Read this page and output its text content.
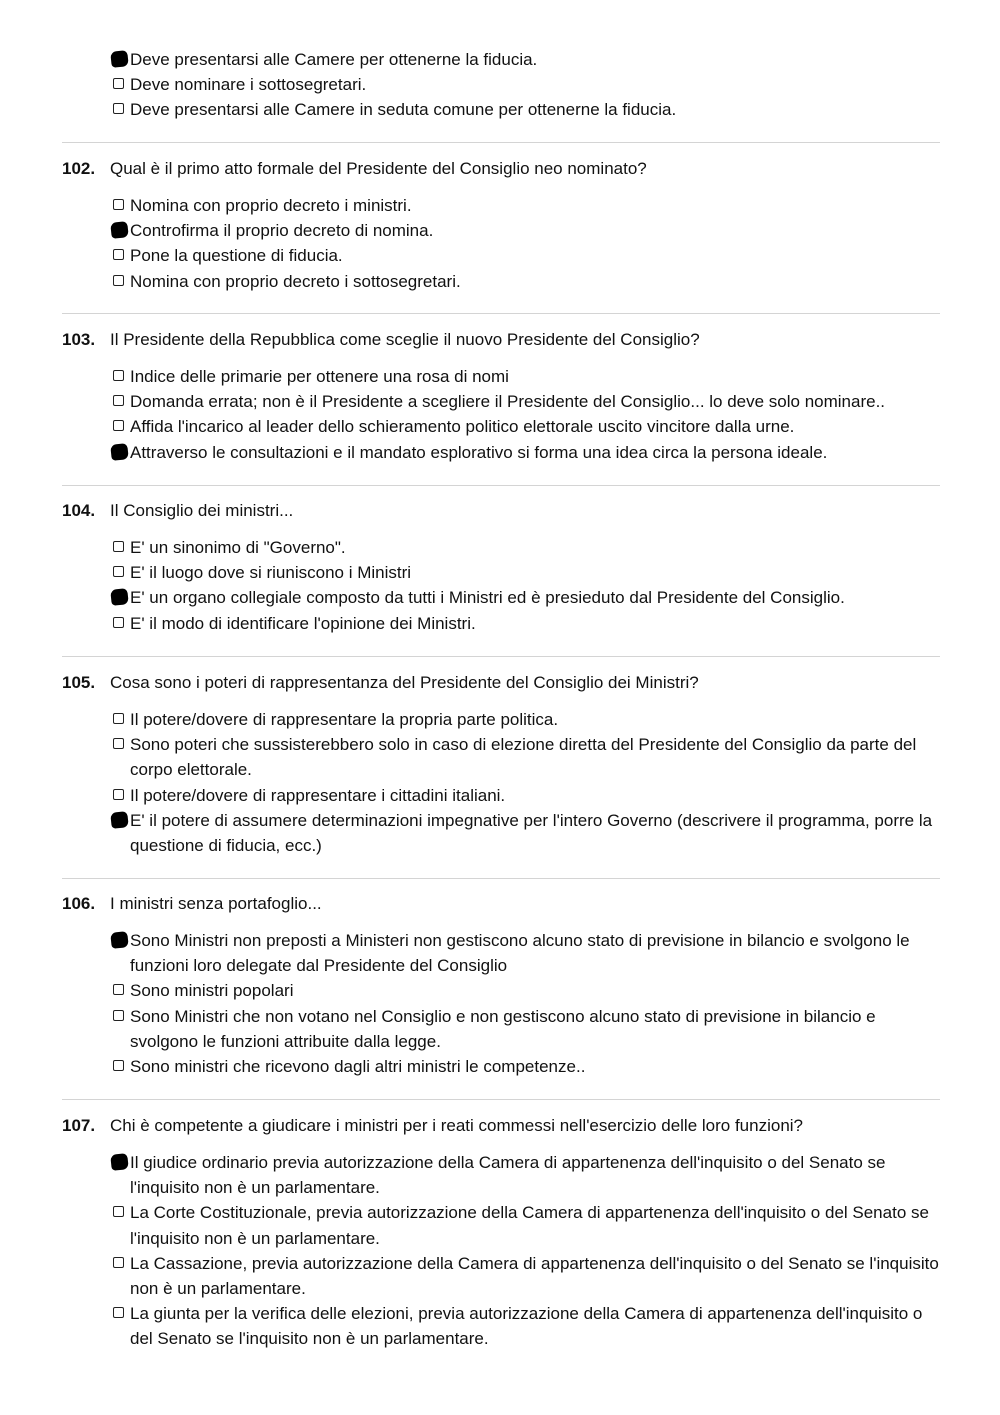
Deve presentarsi alle Camere per ottenerne la fiducia.
Deve nominare i sottosegretari.
Deve presentarsi alle Camere in seduta comune per ottenerne la fiducia.
102. Qual è il primo atto formale del Presidente del Consiglio neo nominato?
Nomina con proprio decreto i ministri.
Controfirma il proprio decreto di nomina.
Pone la questione di fiducia.
Nomina con proprio decreto i sottosegretari.
103. Il Presidente della Repubblica come sceglie il nuovo Presidente del Consiglio?
Indice delle primarie per ottenere una rosa di nomi
Domanda errata; non è il Presidente a scegliere il Presidente del Consiglio... lo deve solo nominare..
Affida l'incarico al leader dello schieramento politico elettorale uscito vincitore dalla urne.
Attraverso le consultazioni e il mandato esplorativo si forma una idea circa la persona ideale.
104. Il Consiglio dei ministri...
E' un sinonimo di "Governo".
E' il luogo dove si riuniscono i Ministri
E' un organo collegiale composto da tutti i Ministri ed è presieduto dal Presidente del Consiglio.
E' il modo di identificare l'opinione dei Ministri.
105. Cosa sono i poteri di rappresentanza del Presidente del Consiglio dei Ministri?
Il potere/dovere di rappresentare la propria parte politica.
Sono poteri che sussisterebbero solo in caso di elezione diretta del Presidente del Consiglio da parte del corpo elettorale.
Il potere/dovere di rappresentare i cittadini italiani.
E' il potere di assumere determinazioni impegnative per l'intero Governo (descrivere il programma, porre la questione di fiducia, ecc.)
106. I ministri senza portafoglio...
Sono Ministri non preposti a Ministeri non gestiscono alcuno stato di previsione in bilancio e svolgono le funzioni loro delegate dal Presidente del Consiglio
Sono ministri popolari
Sono Ministri che non votano nel Consiglio e non gestiscono alcuno stato di previsione in bilancio e svolgono le funzioni attribuite dalla legge.
Sono ministri che ricevono dagli altri ministri le competenze..
107. Chi è competente a giudicare i ministri per i reati commessi nell'esercizio delle loro funzioni?
Il giudice ordinario previa autorizzazione della Camera di appartenenza dell'inquisito o del Senato se l'inquisito non è un parlamentare.
La Corte Costituzionale, previa autorizzazione della Camera di appartenenza dell'inquisito o del Senato se l'inquisito non è un parlamentare.
La Cassazione, previa autorizzazione della Camera di appartenenza dell'inquisito o del Senato se l'inquisito non è un parlamentare.
La giunta per la verifica delle elezioni, previa autorizzazione della Camera di appartenenza dell'inquisito o del Senato se l'inquisito non è un parlamentare.
